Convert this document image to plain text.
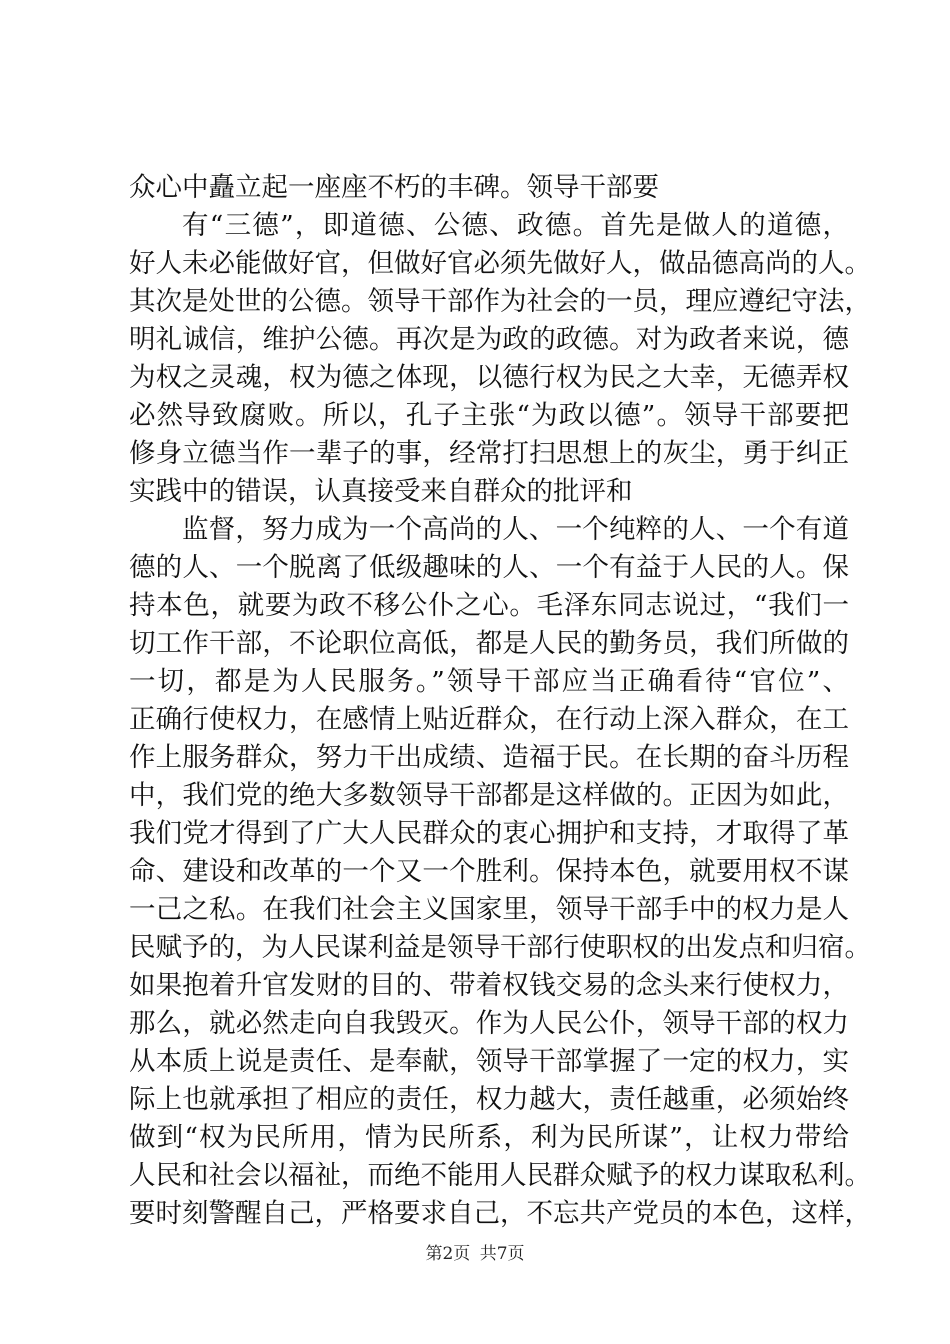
众心中矗立起一座座不朽的丰碑。领导干部要
有“三德”，即道德、公德、政德。首先是做人的道德，
好人未必能做好官，但做好官必须先做好人，做品德高尚的人。
其次是处世的公德。领导干部作为社会的一员，理应遵纪守法，
明礼诚信，维护公德。再次是为政的政德。对为政者来说，德
为权之灵魂，权为德之体现，以德行权为民之大幸，无德弄权
必然导致腐败。所以，孔子主张“为政以德”。领导干部要把
修身立德当作一辈子的事，经常打扫思想上的灰尘，勇于纠正
实践中的错误，认真接受来自群众的批评和
监督，努力成为一个高尚的人、一个纯粹的人、一个有道
德的人、一个脱离了低级趣味的人、一个有益于人民的人。保
持本色，就要为政不移公仆之心。毛泽东同志说过，“我们一
切工作干部，不论职位高低，都是人民的勤务员，我们所做的
一切，都是为人民服务。”领导干部应当正确看待“官位”、
正确行使权力，在感情上贴近群众，在行动上深入群众，在工
作上服务群众，努力干出成绩、造福于民。在长期的奋斗历程
中，我们党的绝大多数领导干部都是这样做的。正因为如此，
我们党才得到了广大人民群众的衷心拥护和支持，才取得了革
命、建设和改革的一个又一个胜利。保持本色，就要用权不谋
一己之私。在我们社会主义国家里，领导干部手中的权力是人
民赋予的，为人民谋利益是领导干部行使职权的出发点和归宿。
如果抱着升官发财的目的、带着权钱交易的念头来行使权力，
那么，就必然走向自我毁灭。作为人民公仆，领导干部的权力
从本质上说是责任、是奉献，领导干部掌握了一定的权力，实
际上也就承担了相应的责任，权力越大，责任越重，必须始终
做到“权为民所用，情为民所系，利为民所谋”，让权力带给
人民和社会以福祉，而绝不能用人民群众赋予的权力谋取私利。
要时刻警醒自己，严格要求自己，不忘共产党员的本色，这样，
第2页 共7页
